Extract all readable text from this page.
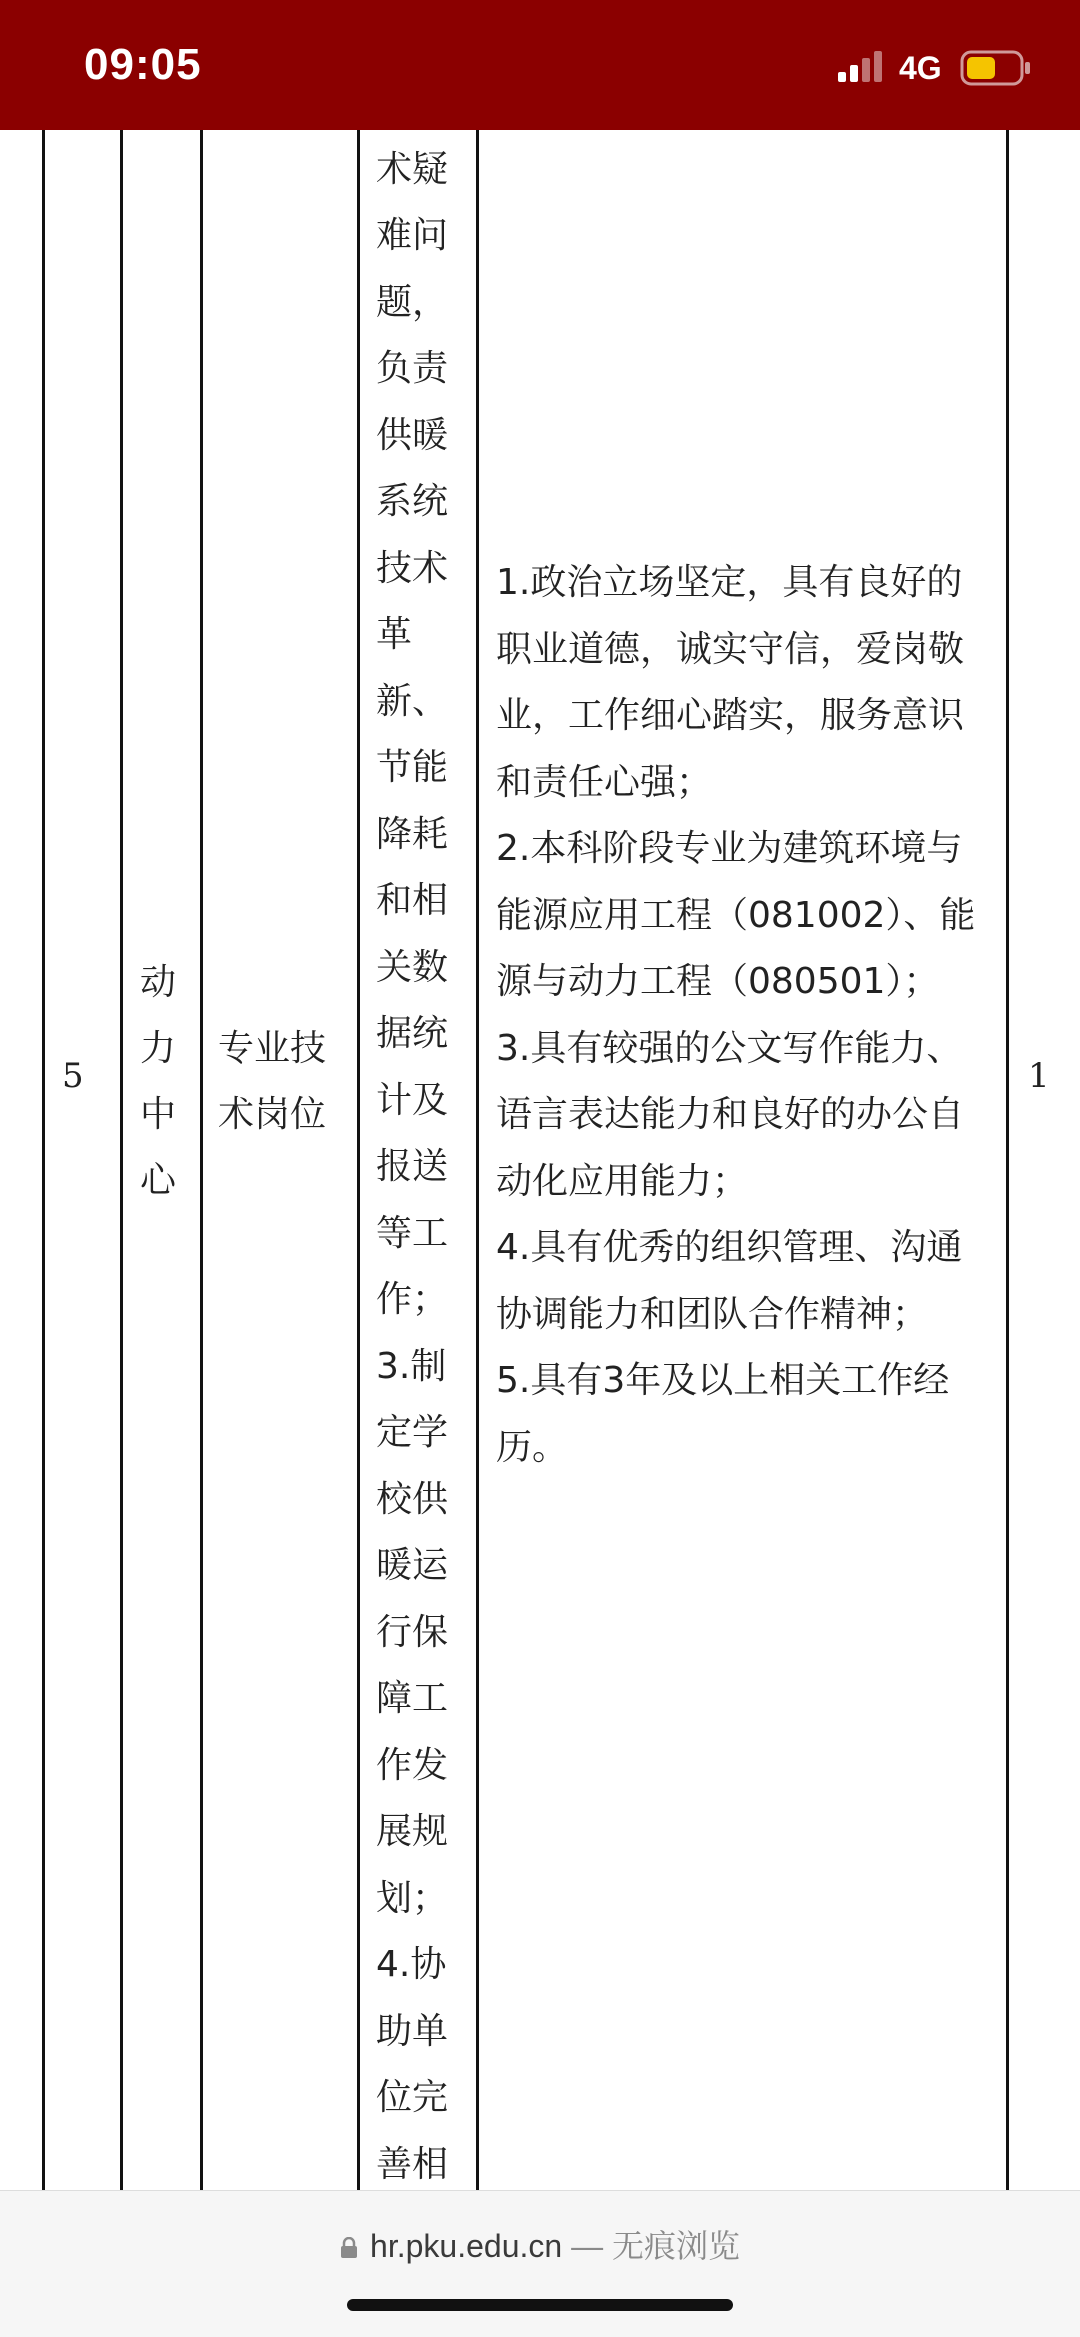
09:05	4G
5
动
力
中
心
专业技
术岗位

术疑
难问
题，
负责
供暖
系统
技术
革
新、
节能
降耗
和相
关数
据统
计及
报送
等工
作；
3.制
定学
校供
暖运
行保
障工
作发
展规
划；
4.协
助单
位完
善相
1.政治立场坚定，具有良好的职业道德，诚实守信，爱岗敬业，工作细心踏实，服务意识和责任心强；
2.本科阶段专业为建筑环境与能源应用工程（081002）、能源与动力工程（080501）；
3.具有较强的公文写作能力、语言表达能力和良好的办公自动化应用能力；
4.具有优秀的组织管理、沟通协调能力和团队合作精神；
5.具有3年及以上相关工作经历。
1
hr.pku.edu.cn — 无痕浏览
